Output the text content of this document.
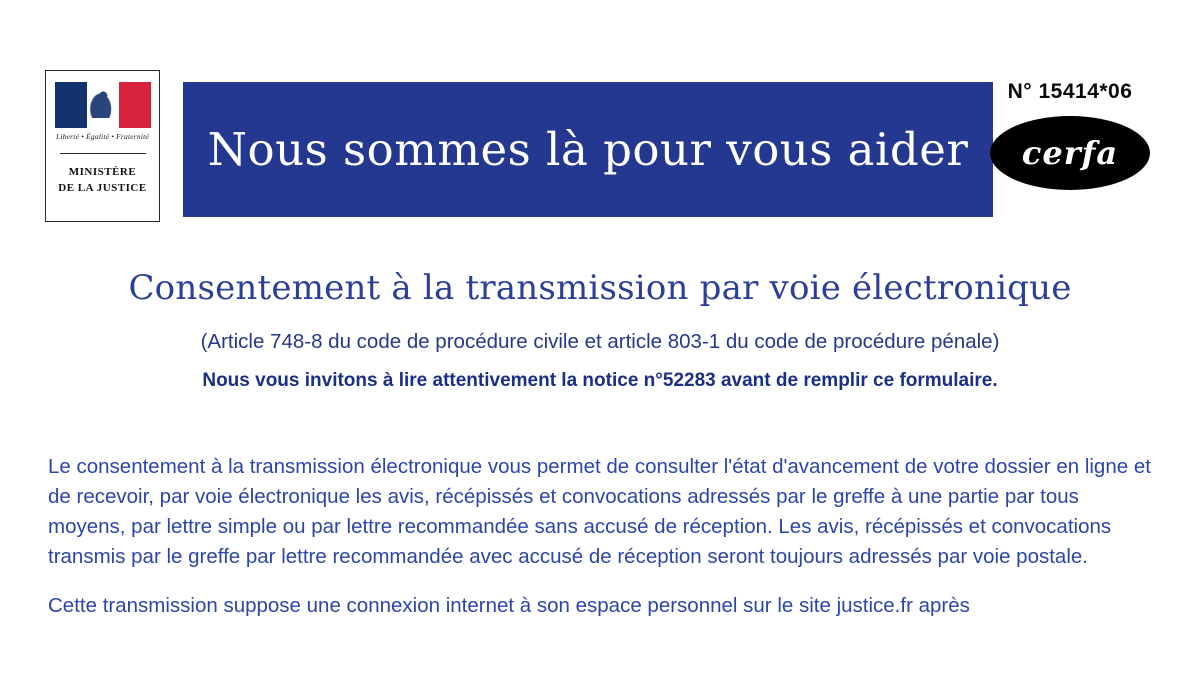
Liberté • Égalité • Fraternité
MINISTÈRE
DE LA JUSTICE
Nous sommes là pour vous aider
N° 15414*06
cerfa
Consentement à la transmission par voie électronique
(Article 748-8 du code de procédure civile et article 803-1 du code de procédure pénale)
Nous vous invitons à lire attentivement la notice n°52283 avant de remplir ce formulaire.

Le consentement à la transmission électronique vous permet de consulter l'état d'avancement de votre dossier en ligne et de recevoir, par voie électronique les avis, récépissés et convocations adressés par le greffe à une partie par tous moyens, par lettre simple ou par lettre recommandée sans accusé de réception. Les avis, récépissés et convocations transmis par le greffe par lettre recommandée avec accusé de réception seront toujours adressés par voie postale.

Cette transmission suppose une connexion internet à son espace personnel sur le site justice.fr après
